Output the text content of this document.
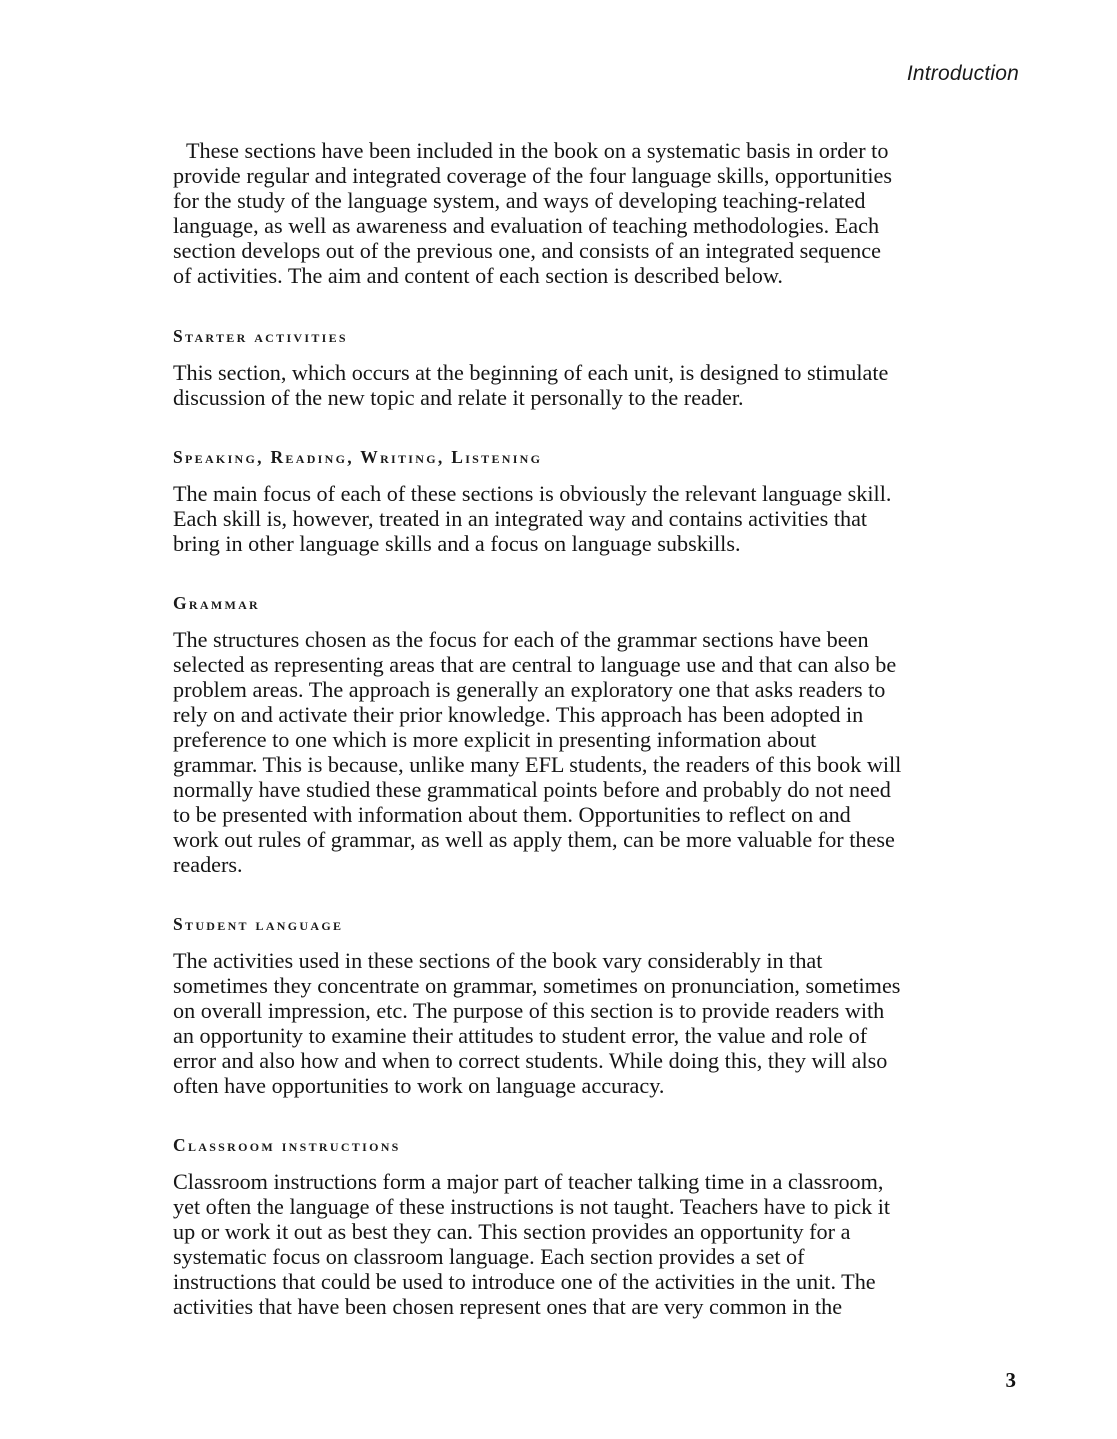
Introduction

These sections have been included in the book on a systematic basis in order to
provide regular and integrated coverage of the four language skills, opportunities
for the study of the language system, and ways of developing teaching-related
language, as well as awareness and evaluation of teaching methodologies. Each
section develops out of the previous one, and consists of an integrated sequence
of activities. The aim and content of each section is described below.

Starter activities

This section, which occurs at the beginning of each unit, is designed to stimulate
discussion of the new topic and relate it personally to the reader.

Speaking, Reading, Writing, Listening

The main focus of each of these sections is obviously the relevant language skill.
Each skill is, however, treated in an integrated way and contains activities that
bring in other language skills and a focus on language subskills.

Grammar

The structures chosen as the focus for each of the grammar sections have been
selected as representing areas that are central to language use and that can also be
problem areas. The approach is generally an exploratory one that asks readers to
rely on and activate their prior knowledge. This approach has been adopted in
preference to one which is more explicit in presenting information about
grammar. This is because, unlike many EFL students, the readers of this book will
normally have studied these grammatical points before and probably do not need
to be presented with information about them. Opportunities to reflect on and
work out rules of grammar, as well as apply them, can be more valuable for these
readers.

Student language

The activities used in these sections of the book vary considerably in that
sometimes they concentrate on grammar, sometimes on pronunciation, sometimes
on overall impression, etc. The purpose of this section is to provide readers with
an opportunity to examine their attitudes to student error, the value and role of
error and also how and when to correct students. While doing this, they will also
often have opportunities to work on language accuracy.

Classroom instructions

Classroom instructions form a major part of teacher talking time in a classroom,
yet often the language of these instructions is not taught. Teachers have to pick it
up or work it out as best they can. This section provides an opportunity for a
systematic focus on classroom language. Each section provides a set of
instructions that could be used to introduce one of the activities in the unit. The
activities that have been chosen represent ones that are very common in the

3
